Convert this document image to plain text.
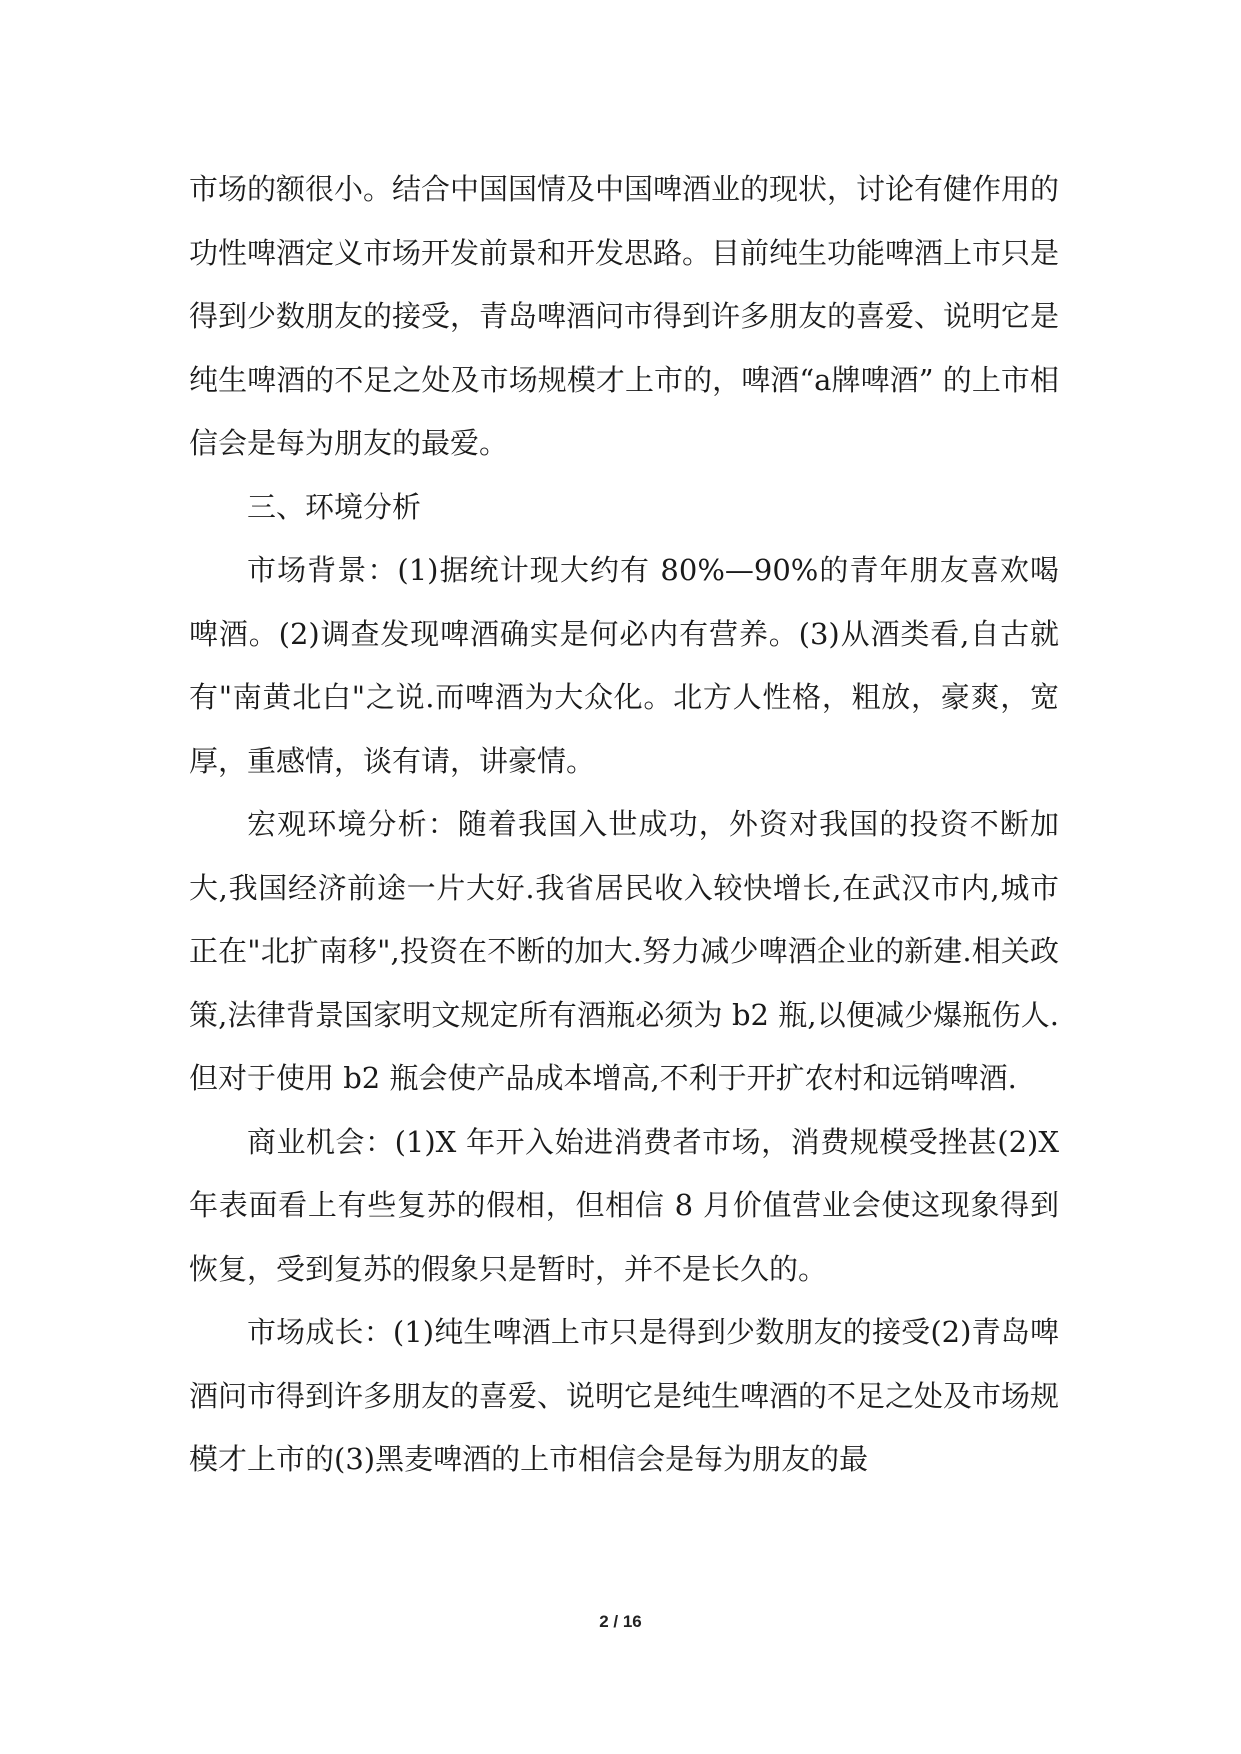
市场的额很小。结合中国国情及中国啤酒业的现状，讨论有健作用的功性啤酒定义市场开发前景和开发思路。目前纯生功能啤酒上市只是得到少数朋友的接受，青岛啤酒问市得到许多朋友的喜爱、说明它是纯生啤酒的不足之处及市场规模才上市的，啤酒“a牌啤酒” 的上市相信会是每为朋友的最爱。

三、环境分析

市场背景：(1)据统计现大约有 80%—90%的青年朋友喜欢喝啤酒。(2)调查发现啤酒确实是何必内有营养。(3)从酒类看,自古就有"南黄北白"之说.而啤酒为大众化。北方人性格，粗放，豪爽，宽厚，重感情，谈有请，讲豪情。

宏观环境分析：随着我国入世成功，外资对我国的投资不断加大,我国经济前途一片大好.我省居民收入较快增长,在武汉市内,城市正在"北扩南移",投资在不断的加大.努力减少啤酒企业的新建.相关政策,法律背景国家明文规定所有酒瓶必须为 b2 瓶,以便减少爆瓶伤人.但对于使用 b2 瓶会使产品成本增高,不利于开扩农村和远销啤酒.

商业机会：(1)X 年开入始进消费者市场，消费规模受挫甚(2)X 年表面看上有些复苏的假相，但相信 8 月价值营业会使这现象得到恢复，受到复苏的假象只是暂时，并不是长久的。

市场成长：(1)纯生啤酒上市只是得到少数朋友的接受(2)青岛啤酒问市得到许多朋友的喜爱、说明它是纯生啤酒的不足之处及市场规模才上市的(3)黑麦啤酒的上市相信会是每为朋友的最

2 / 16
